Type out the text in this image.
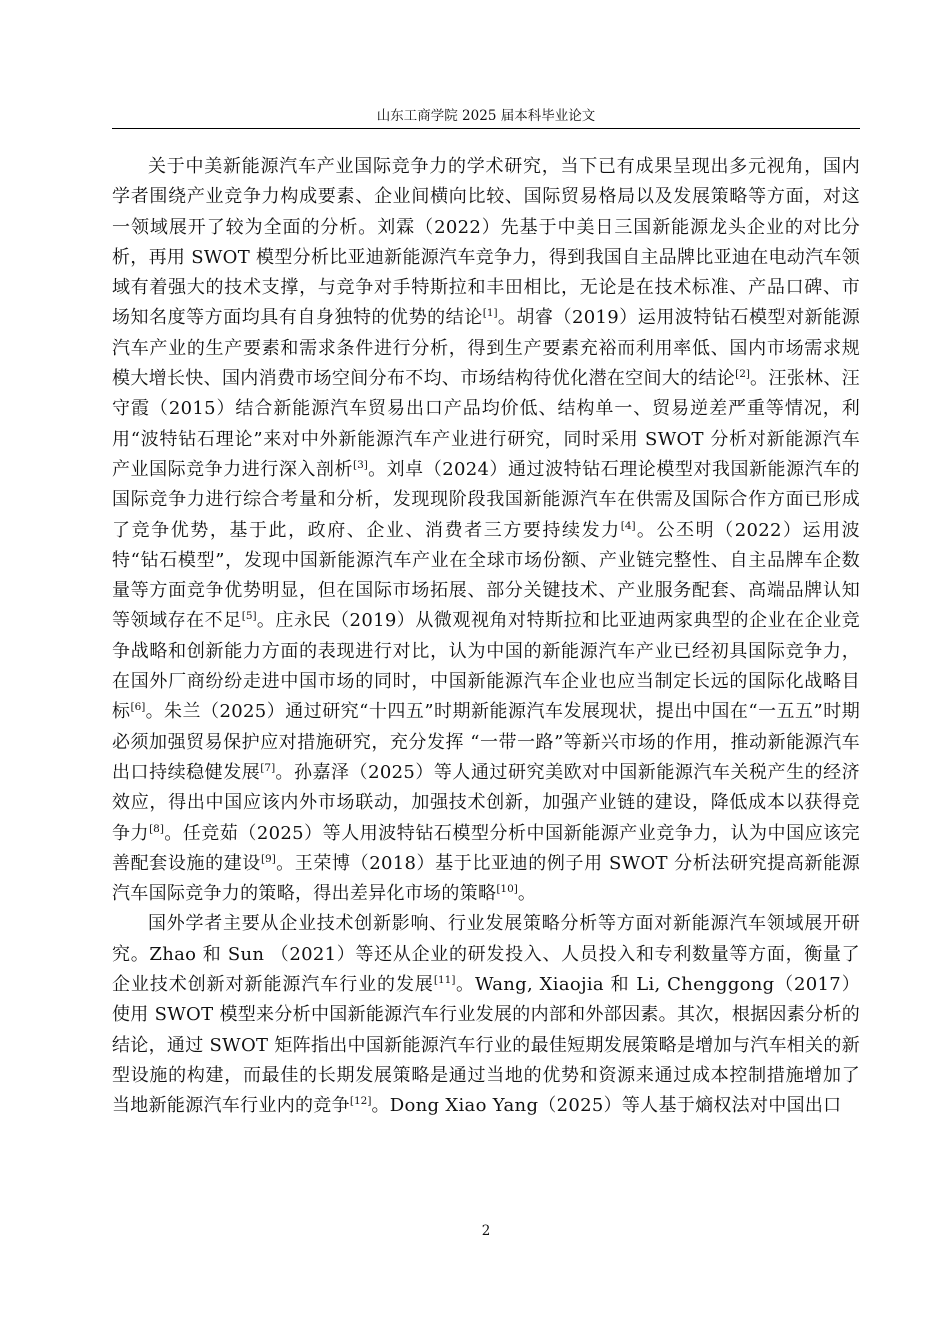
山东工商学院 2025 届本科毕业论文

关于中美新能源汽车产业国际竞争力的学术研究，当下已有成果呈现出多元视角，国内学者围绕产业竞争力构成要素、企业间横向比较、国际贸易格局以及发展策略等方面，对这一领域展开了较为全面的分析。刘霖（2022）先基于中美日三国新能源龙头企业的对比分析，再用 SWOT 模型分析比亚迪新能源汽车竞争力，得到我国自主品牌比亚迪在电动汽车领域有着强大的技术支撑，与竞争对手特斯拉和丰田相比，无论是在技术标准、产品口碑、市场知名度等方面均具有自身独特的优势的结论[1]。胡睿（2019）运用波特钻石模型对新能源汽车产业的生产要素和需求条件进行分析，得到生产要素充裕而利用率低、国内市场需求规模大增长快、国内消费市场空间分布不均、市场结构待优化潜在空间大的结论[2]。汪张林、汪守霞（2015）结合新能源汽车贸易出口产品均价低、结构单一、贸易逆差严重等情况，利用“波特钻石理论”来对中外新能源汽车产业进行研究，同时采用 SWOT 分析对新能源汽车产业国际竞争力进行深入剖析[3]。刘卓（2024）通过波特钻石理论模型对我国新能源汽车的国际竞争力进行综合考量和分析，发现现阶段我国新能源汽车在供需及国际合作方面已形成了竞争优势，基于此，政府、企业、消费者三方要持续发力[4]。公丕明（2022）运用波特“钻石模型”，发现中国新能源汽车产业在全球市场份额、产业链完整性、自主品牌车企数量等方面竞争优势明显，但在国际市场拓展、部分关键技术、产业服务配套、高端品牌认知等领域存在不足[5]。庄永民（2019）从微观视角对特斯拉和比亚迪两家典型的企业在企业竞争战略和创新能力方面的表现进行对比，认为中国的新能源汽车产业已经初具国际竞争力，在国外厂商纷纷走进中国市场的同时，中国新能源汽车企业也应当制定长远的国际化战略目标[6]。朱兰（2025）通过研究“十四五”时期新能源汽车发展现状，提出中国在“一五五”时期必须加强贸易保护应对措施研究，充分发挥 “一带一路”等新兴市场的作用，推动新能源汽车出口持续稳健发展[7]。孙嘉泽（2025）等人通过研究美欧对中国新能源汽车关税产生的经济效应，得出中国应该内外市场联动，加强技术创新，加强产业链的建设，降低成本以获得竞争力[8]。任竞茹（2025）等人用波特钻石模型分析中国新能源产业竞争力，认为中国应该完善配套设施的建设[9]。王荣博（2018）基于比亚迪的例子用 SWOT 分析法研究提高新能源汽车国际竞争力的策略，得出差异化市场的策略[10]。

国外学者主要从企业技术创新影响、行业发展策略分析等方面对新能源汽车领域展开研究。Zhao 和 Sun （2021）等还从企业的研发投入、人员投入和专利数量等方面，衡量了企业技术创新对新能源汽车行业的发展[11]。Wang, Xiaojia 和 Li, Chenggong（2017）使用 SWOT 模型来分析中国新能源汽车行业发展的内部和外部因素。其次，根据因素分析的结论，通过 SWOT 矩阵指出中国新能源汽车行业的最佳短期发展策略是增加与汽车相关的新型设施的构建，而最佳的长期发展策略是通过当地的优势和资源来通过成本控制措施增加了当地新能源汽车行业内的竞争[12]。Dong Xiao Yang（2025）等人基于熵权法对中国出口

2
